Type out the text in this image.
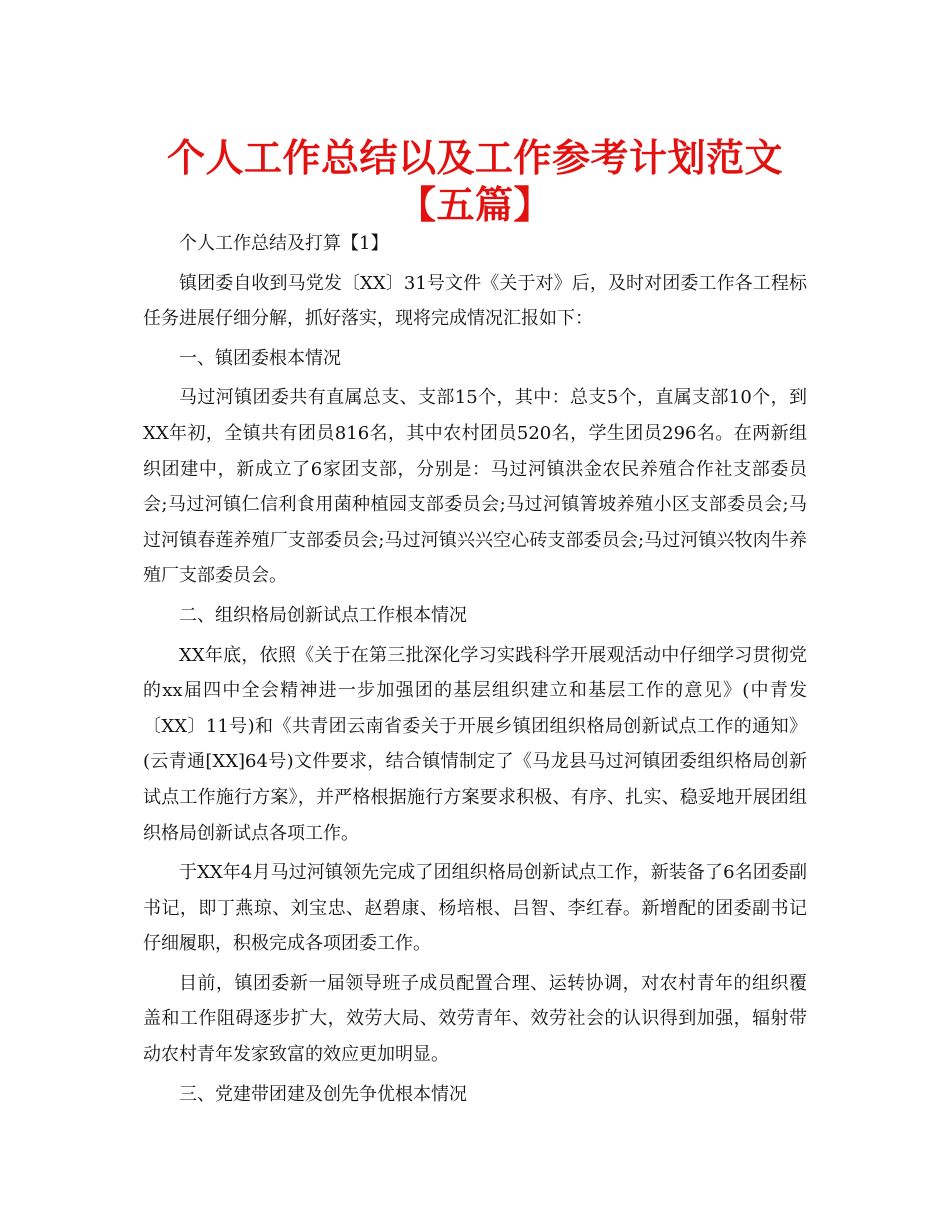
个人工作总结以及工作参考计划范文【五篇】

个人工作总结及打算【1】

镇团委自收到马党发〔XX〕31号文件《关于对》后，及时对团委工作各工程标任务进展仔细分解，抓好落实，现将完成情况汇报如下：

一、镇团委根本情况

马过河镇团委共有直属总支、支部15个，其中：总支5个，直属支部10个，到XX年初，全镇共有团员816名，其中农村团员520名，学生团员296名。在两新组织团建中，新成立了6家团支部，分别是：马过河镇洪金农民养殖合作社支部委员会;马过河镇仁信利食用菌种植园支部委员会;马过河镇箐坡养殖小区支部委员会;马过河镇春莲养殖厂支部委员会;马过河镇兴兴空心砖支部委员会;马过河镇兴牧肉牛养殖厂支部委员会。

二、组织格局创新试点工作根本情况

XX年底，依照《关于在第三批深化学习实践科学开展观活动中仔细学习贯彻党的xx届四中全会精神进一步加强团的基层组织建立和基层工作的意见》(中青发〔XX〕11号)和《共青团云南省委关于开展乡镇团组织格局创新试点工作的通知》(云青通[XX]64号)文件要求，结合镇情制定了《马龙县马过河镇团委组织格局创新试点工作施行方案》，并严格根据施行方案要求积极、有序、扎实、稳妥地开展团组织格局创新试点各项工作。

于XX年4月马过河镇领先完成了团组织格局创新试点工作，新装备了6名团委副书记，即丁燕琼、刘宝忠、赵碧康、杨培根、吕智、李红春。新增配的团委副书记仔细履职，积极完成各项团委工作。

目前，镇团委新一届领导班子成员配置合理、运转协调，对农村青年的组织覆盖和工作阻碍逐步扩大，效劳大局、效劳青年、效劳社会的认识得到加强，辐射带动农村青年发家致富的效应更加明显。

三、党建带团建及创先争优根本情况
